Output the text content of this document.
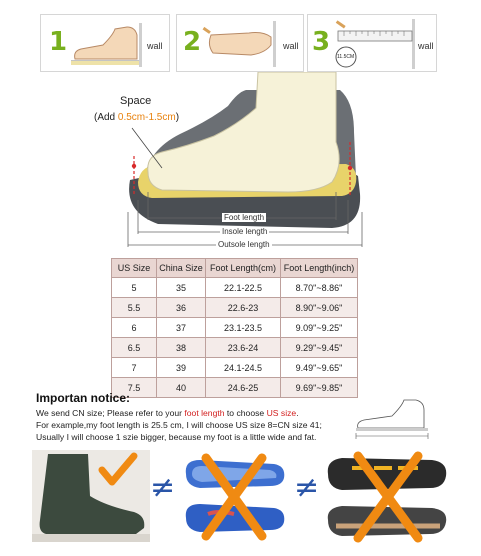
1	wall 2	wall 3 11.5CM
wall
Space
(Add 0.5cm-1.5cm)
Foot length
Insole length
Outsole length
US Size	China Size	Foot Length(cm)	Foot Length(inch)
5	35	22.1-22.5	8.70"~8.86"
5.5	36	22.6-23	8.90"~9.06"
6	37	23.1-23.5	9.09"~9.25"
6.5	38	23.6-24	9.29"~9.45"
7	39	24.1-24.5	9.49"~9.65"
7.5	40	24.6-25	9.69"~9.85"
Importan notice:
We send CN size; Please refer to your foot length to choose US size.
For example,my foot length is 25.5 cm, I will choose US size 8=CN size 41;
Usually I will choose 1 szie bigger, because my foot is a little wide and fat.
≠	≠
